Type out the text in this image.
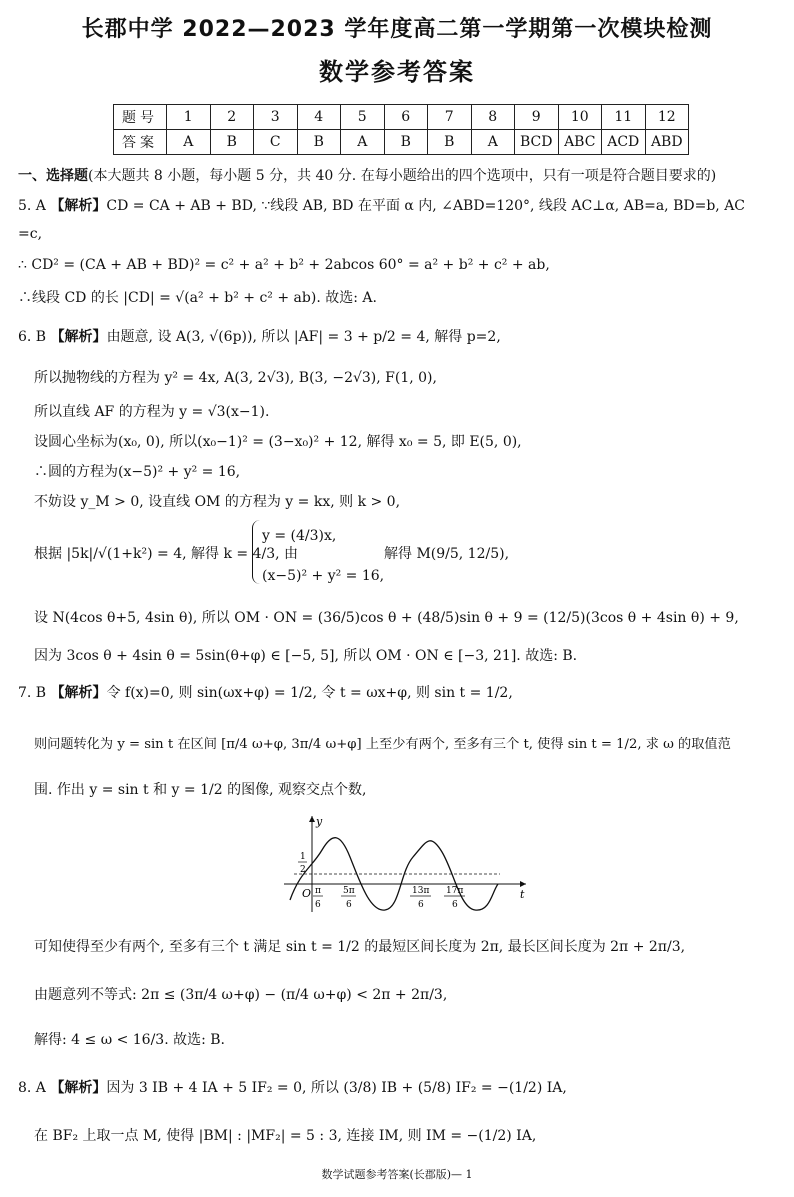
长郡中学 2022—2023 学年度高二第一学期第一次模块检测
数学参考答案
题号	1	2	3	4	5	6	7	8	9	10	11	12
答案	A	B	C	B	A	B	B	A	BCD	ABC	ACD	ABD
一、选择题(本大题共 8 小题，每小题 5 分，共 40 分. 在每小题给出的四个选项中，只有一项是符合题目要求的)
5. A 【解析】CD = CA + AB + BD, ∵线段 AB, BD 在平面 α 内, ∠ABD=120°, 线段 AC⊥α, AB=a, BD=b, AC
=c,
∴ CD² = (CA + AB + BD)² = c² + a² + b² + 2abcos 60° = a² + b² + c² + ab,
∴线段 CD 的长 |CD| = √(a² + b² + c² + ab). 故选: A.
6. B 【解析】由题意, 设 A(3, √(6p)), 所以 |AF| = 3 + p/2 = 4, 解得 p=2,
所以抛物线的方程为 y² = 4x, A(3, 2√3), B(3, −2√3), F(1, 0),
所以直线 AF 的方程为 y = √3(x−1).
设圆心坐标为(x₀, 0), 所以(x₀−1)² = (3−x₀)² + 12, 解得 x₀ = 5, 即 E(5, 0),
∴圆的方程为(x−5)² + y² = 16,
不妨设 y_M > 0, 设直线 OM 的方程为 y = kx, 则 k > 0,
根据 |5k|/√(1+k²) = 4, 解得 k = 4/3, 由
y = (4/3)x,
(x−5)² + y² = 16,
解得 M(9/5, 12/5),
设 N(4cos θ+5, 4sin θ), 所以 OM · ON = (36/5)cos θ + (48/5)sin θ + 9 = (12/5)(3cos θ + 4sin θ) + 9,
因为 3cos θ + 4sin θ = 5sin(θ+φ) ∈ [−5, 5], 所以 OM · ON ∈ [−3, 21]. 故选: B.
7. B 【解析】令 f(x)=0, 则 sin(ωx+φ) = 1/2, 令 t = ωx+φ, 则 sin t = 1/2,
则问题转化为 y = sin t 在区间 [π/4 ω+φ, 3π/4 ω+φ] 上至少有两个, 至多有三个 t, 使得 sin t = 1/2, 求 ω 的取值范
围. 作出 y = sin t 和 y = 1/2 的图像, 观察交点个数,
y
t
O
1
2
π
6
5π
6
13π
6
17π
6
可知使得至少有两个, 至多有三个 t 满足 sin t = 1/2 的最短区间长度为 2π, 最长区间长度为 2π + 2π/3,
由题意列不等式: 2π ≤ (3π/4 ω+φ) − (π/4 ω+φ) < 2π + 2π/3,
解得: 4 ≤ ω < 16/3. 故选: B.
8. A 【解析】因为 3 IB + 4 IA + 5 IF₂ = 0, 所以 (3/8) IB + (5/8) IF₂ = −(1/2) IA,
在 BF₂ 上取一点 M, 使得 |BM| : |MF₂| = 5 : 3, 连接 IM, 则 IM = −(1/2) IA,
数学试题参考答案(长郡版)— 1
